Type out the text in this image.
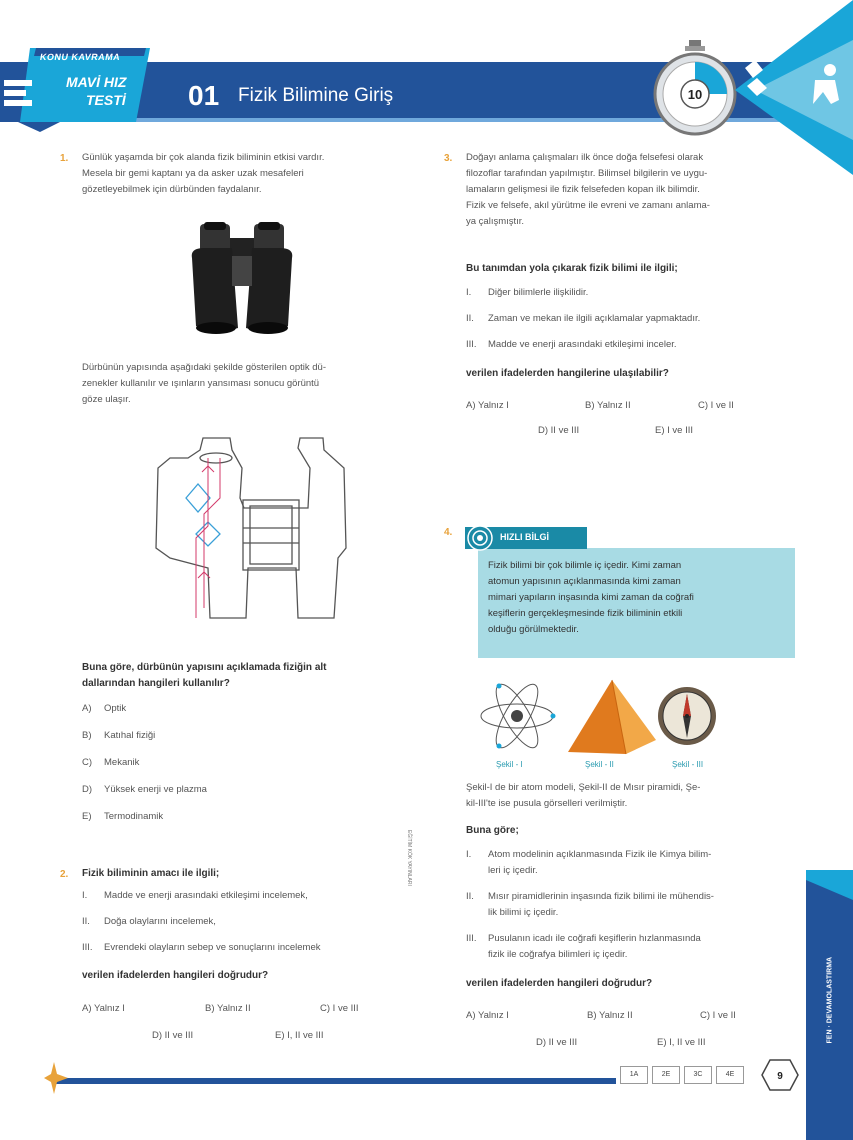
KONU KAVRAMA
MAVİ HIZ
TESTİ 01 Fizik Bilimine Giriş	10
1. Günlük yaşamda bir çok alanda fizik biliminin etkisi vardır.
Mesela bir gemi kaptanı ya da asker uzak mesafeleri
gözetleyebilmek için dürbünden faydalanır.
Dürbünün yapısında aşağıdaki şekilde gösterilen optik dü-
zenekler kullanılır ve ışınların yansıması sonucu görüntü
göze ulaşır.
Buna göre, dürbünün yapısını açıklamada fiziğin alt
dallarından hangileri kullanılır?
A) Optik
B) Katıhal fiziği
C) Mekanik
D) Yüksek enerji ve plazma
E) Termodinamik
2. Fizik biliminin amacı ile ilgili;
I. Madde ve enerji arasındaki etkileşimi incelemek,
II. Doğa olaylarını incelemek,
III. Evrendeki olayların sebep ve sonuçlarını incelemek
verilen ifadelerden hangileri doğrudur?
A) Yalnız I	B) Yalnız II	C) I ve III
D) II ve III	E) I, II ve III
EĞİTİM KÖK YAYINLARI
3. Doğayı anlama çalışmaları ilk önce doğa felsefesi olarak
filozoflar tarafından yapılmıştır. Bilimsel bilgilerin ve uygu-
lamaların gelişmesi ile fizik felsefeden kopan ilk bilimdir.
Fizik ve felsefe, akıl yürütme ile evreni ve zamanı anlama-
ya çalışmıştır.
Bu tanımdan yola çıkarak fizik bilimi ile ilgili;
I. Diğer bilimlerle ilişkilidir.
II. Zaman ve mekan ile ilgili açıklamalar yapmaktadır.
III. Madde ve enerji arasındaki etkileşimi inceler.
verilen ifadelerden hangilerine ulaşılabilir?
A) Yalnız I	B) Yalnız II	C) I ve II
D) II ve III	E) I ve III
4.	HIZLI BİLGİ
Fizik bilimi bir çok bilimle iç içedir. Kimi zaman
atomun yapısının açıklanmasında kimi zaman
mimari yapıların inşasında kimi zaman da coğrafi
keşiflerin gerçekleşmesinde fizik biliminin etkili
olduğu görülmektedir.
Şekil - I	Şekil - II	Şekil - III
Şekil-I de bir atom modeli, Şekil-II de Mısır piramidi, Şe-
kil-III'te ise pusula görselleri verilmiştir.
Buna göre;
I.	Atom modelinin açıklanmasında Fizik ile Kimya bilim-
leri iç içedir.
II.	Mısır piramidlerinin inşasında fizik bilimi ile mühendis-
lik bilimi iç içedir.
III.	Pusulanın icadı ile coğrafi keşiflerin hızlanmasında
fizik ile coğrafya bilimleri iç içedir.
verilen ifadelerden hangileri doğrudur?
A) Yalnız I	B) Yalnız II	C) I ve II
D) II ve III	E) I, II ve III
1A	2E	3C	4E	9
FEN · DEVAMOLASTIRMA
